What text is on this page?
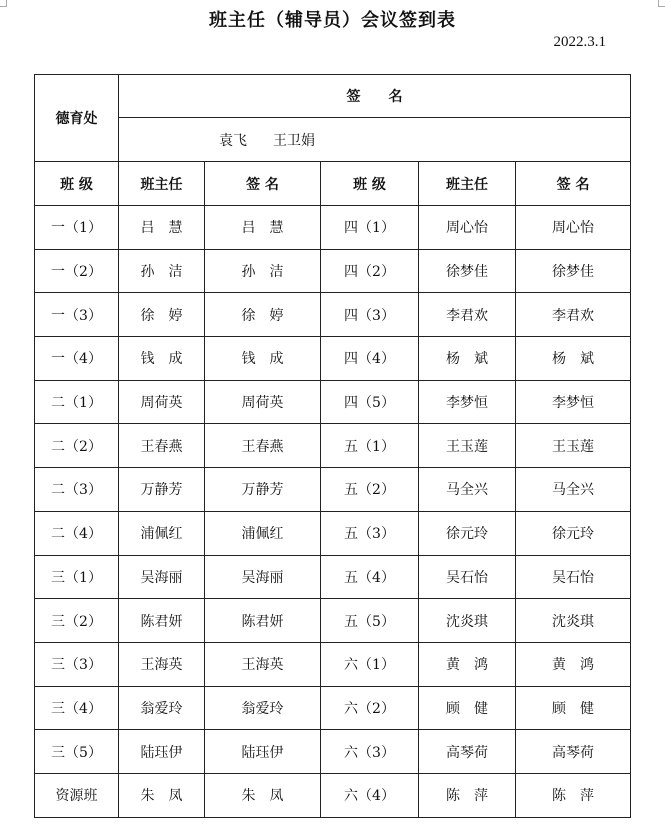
班主任（辅导员）会议签到表
2022.3.1
德育处	签　　名				
	袁飞 王卫娟				
班 级	班主任	签 名	班 级	班主任	签 名
一（1）	吕　慧	吕　慧	四（1）	周心怡	周心怡
一（2）	孙　洁	孙　洁	四（2）	徐梦佳	徐梦佳
一（3）	徐　婷	徐　婷	四（3）	李君欢	李君欢
一（4）	钱　成	钱　成	四（4）	杨　斌	杨　斌
二（1）	周荷英	周荷英	四（5）	李梦恒	李梦恒
二（2）	王春燕	王春燕	五（1）	王玉莲	王玉莲
二（3）	万静芳	万静芳	五（2）	马全兴	马全兴
二（4）	浦佩红	浦佩红	五（3）	徐元玲	徐元玲
三（1）	吴海丽	吴海丽	五（4）	吴石怡	吴石怡
三（2）	陈君妍	陈君妍	五（5）	沈炎琪	沈炎琪
三（3）	王海英	王海英	六（1）	黄　鸿	黄　鸿
三（4）	翁爱玲	翁爱玲	六（2）	顾　健	顾　健
三（5）	陆珏伊	陆珏伊	六（3）	高琴荷	高琴荷
资源班	朱　凤	朱　凤	六（4）	陈　萍	陈　萍
